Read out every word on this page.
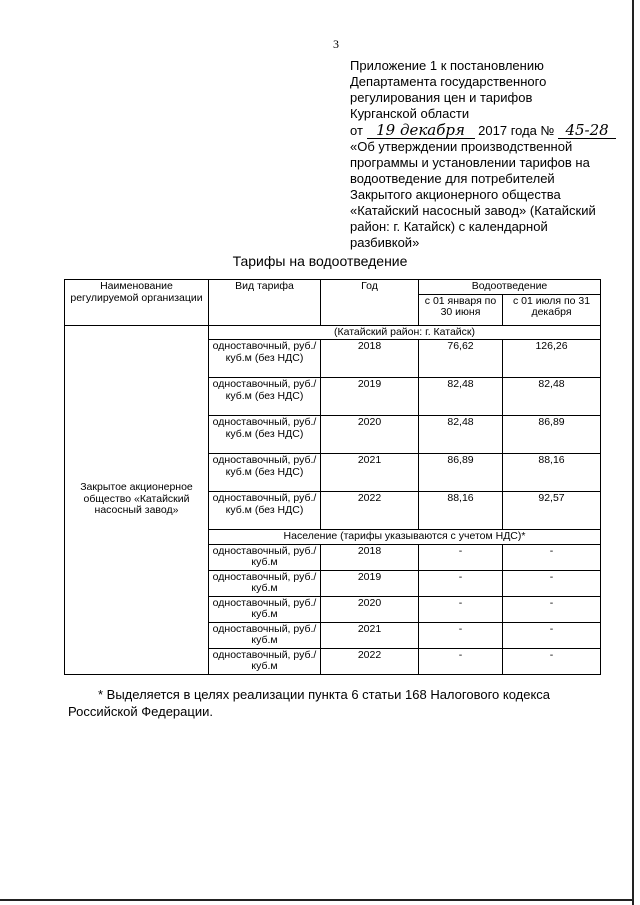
3
Приложение 1 к постановлению
Департамента государственного
регулирования цен и тарифов
Курганской области
от 19 декабря 2017 года № 45-28
«Об утверждении производственной
программы и установлении тарифов на
водоотведение для потребителей
Закрытого акционерного общества
«Катайский насосный завод» (Катайский
район: г. Катайск) с календарной
разбивкой»
Тарифы на водоотведение
Наименование регулируемой организации	Вид тарифа	Год	Водоотведение	
			с 01 января по 30 июня	с 01 июля по 31 декабря
Закрытое акционерное общество «Катайский насосный завод»	(Катайский район: г. Катайск)			
	одноставочный, руб./куб.м (без НДС)	2018	76,62	126,26
	одноставочный, руб./куб.м (без НДС)	2019	82,48	82,48
	одноставочный, руб./куб.м (без НДС)	2020	82,48	86,89
	одноставочный, руб./куб.м (без НДС)	2021	86,89	88,16
	одноставочный, руб./куб.м (без НДС)	2022	88,16	92,57
	Население (тарифы указываются с учетом НДС)*			
	одноставочный, руб./куб.м	2018	-	-
	одноставочный, руб./куб.м	2019	-	-
	одноставочный, руб./куб.м	2020	-	-
	одноставочный, руб./куб.м	2021	-	-
	одноставочный, руб./куб.м	2022	-	-
* Выделяется в целях реализации пункта 6 статьи 168 Налогового кодекса
Российской Федерации.
